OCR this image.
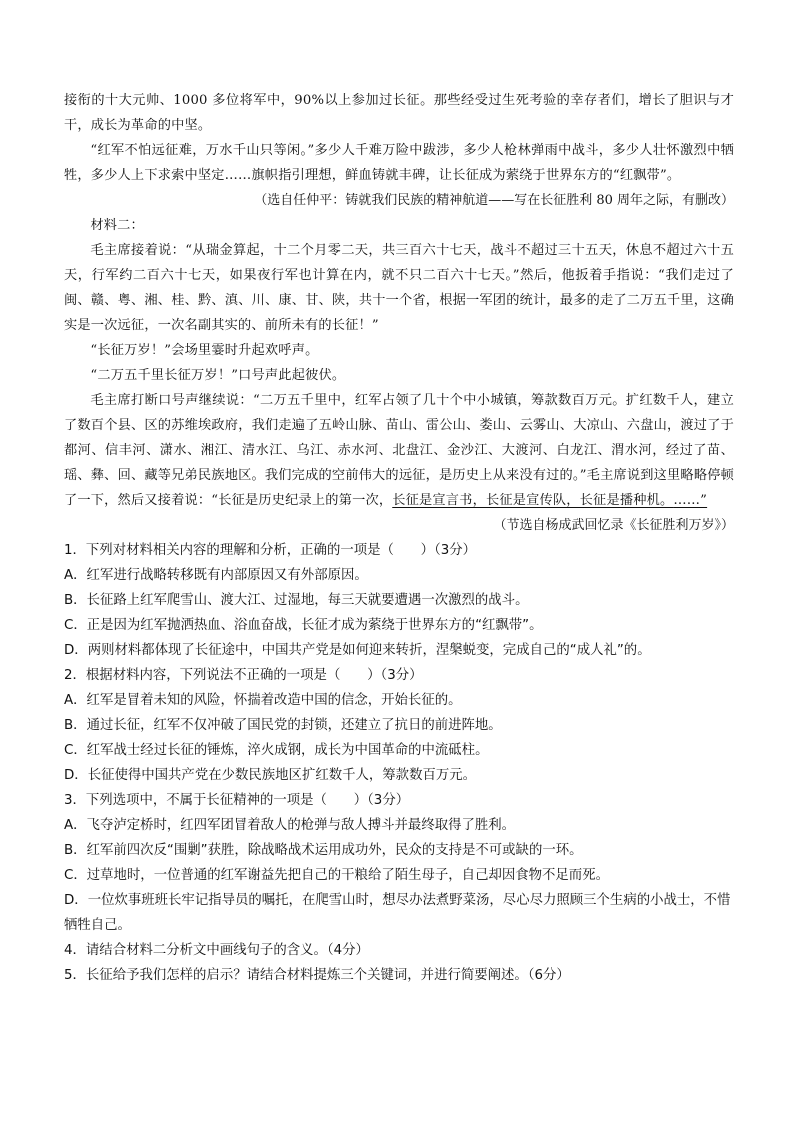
接衔的十大元帅、1000 多位将军中，90%以上参加过长征。那些经受过生死考验的幸存者们，增长了胆识与才干，成长为革命的中坚。

“红军不怕远征难，万水千山只等闲。”多少人千难万险中跋涉，多少人枪林弹雨中战斗，多少人壮怀激烈中牺牲，多少人上下求索中坚定……旗帜指引理想，鲜血铸就丰碑，让长征成为萦绕于世界东方的“红飘带”。

（选自任仲平：铸就我们民族的精神航道——写在长征胜利 80 周年之际，有删改）

材料二：

毛主席接着说：“从瑞金算起，十二个月零二天，共三百六十七天，战斗不超过三十五天，休息不超过六十五天，行军约二百六十七天，如果夜行军也计算在内，就不只二百六十七天。”然后，他扳着手指说：“我们走过了闽、赣、粤、湘、桂、黔、滇、川、康、甘、陕，共十一个省，根据一军团的统计，最多的走了二万五千里，这确实是一次远征，一次名副其实的、前所未有的长征！”

“长征万岁！”会场里霎时升起欢呼声。

“二万五千里长征万岁！”口号声此起彼伏。

毛主席打断口号声继续说：“二万五千里中，红军占领了几十个中小城镇，筹款数百万元。扩红数千人，建立了数百个县、区的苏维埃政府，我们走遍了五岭山脉、苗山、雷公山、娄山、云雾山、大凉山、六盘山，渡过了于都河、信丰河、潇水、湘江、清水江、乌江、赤水河、北盘江、金沙江、大渡河、白龙江、渭水河，经过了苗、瑶、彝、回、藏等兄弟民族地区。我们完成的空前伟大的远征，是历史上从来没有过的。”毛主席说到这里略略停顿了一下，然后又接着说：“长征是历史纪录上的第一次，长征是宣言书，长征是宣传队，长征是播种机。……”

（节选自杨成武回忆录《长征胜利万岁》）

1．下列对材料相关内容的理解和分析，正确的一项是（　　）（3分）

A．红军进行战略转移既有内部原因又有外部原因。

B．长征路上红军爬雪山、渡大江、过湿地，每三天就要遭遇一次激烈的战斗。

C．正是因为红军抛洒热血、浴血奋战，长征才成为萦绕于世界东方的“红飘带”。

D．两则材料都体现了长征途中，中国共产党是如何迎来转折，涅槃蜕变，完成自己的“成人礼”的。

2．根据材料内容，下列说法不正确的一项是（　　）（3分）

A．红军是冒着未知的风险，怀揣着改造中国的信念，开始长征的。

B．通过长征，红军不仅冲破了国民党的封锁，还建立了抗日的前进阵地。

C．红军战士经过长征的锤炼，淬火成钢，成长为中国革命的中流砥柱。

D．长征使得中国共产党在少数民族地区扩红数千人，筹款数百万元。

3．下列选项中，不属于长征精神的一项是（　　）（3分）

A．飞夺泸定桥时，红四军团冒着敌人的枪弹与敌人搏斗并最终取得了胜利。

B．红军前四次反“围剿”获胜，除战略战术运用成功外，民众的支持是不可或缺的一环。

C．过草地时，一位普通的红军谢益先把自己的干粮给了陌生母子，自己却因食物不足而死。

D．一位炊事班班长牢记指导员的嘱托，在爬雪山时，想尽办法煮野菜汤，尽心尽力照顾三个生病的小战士，不惜牺牲自己。

4．请结合材料二分析文中画线句子的含义。（4分）

5．长征给予我们怎样的启示？请结合材料提炼三个关键词，并进行简要阐述。（6分）
